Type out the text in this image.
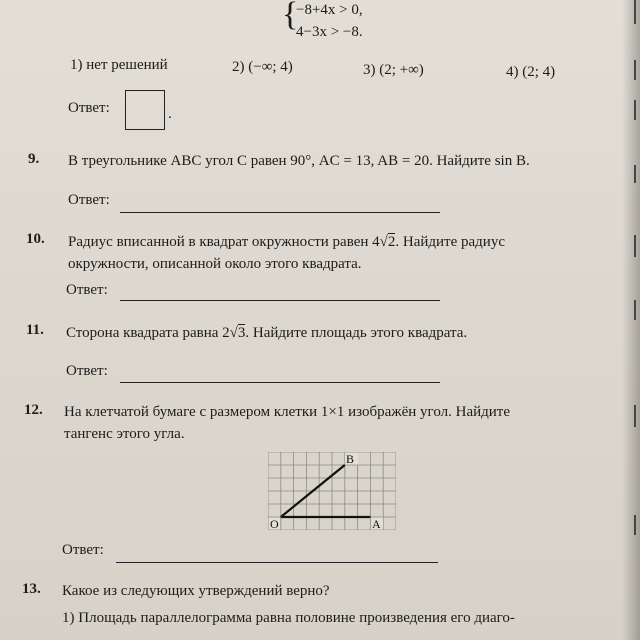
{
−8+4x > 0,
4−3x > −8.
1) нет решений	2) (−∞; 4)	3) (2; +∞)	4) (2; 4)
Ответ:	.
9. В треугольнике ABC угол C равен 90°, AC = 13, AB = 20. Найдите sin B.
Ответ:
10. Радиус вписанной в квадрат окружности равен 4√2. Найдите радиус
окружности, описанной около этого квадрата.
Ответ:
11. Сторона квадрата равна 2√3. Найдите площадь этого квадрата.
Ответ:
12. На клетчатой бумаге с размером клетки 1×1 изображён угол. Найдите
тангенс этого угла.
B
O	A
Ответ:
13. Какое из следующих утверждений верно?
1) Площадь параллелограмма равна половине произведения его диаго-
